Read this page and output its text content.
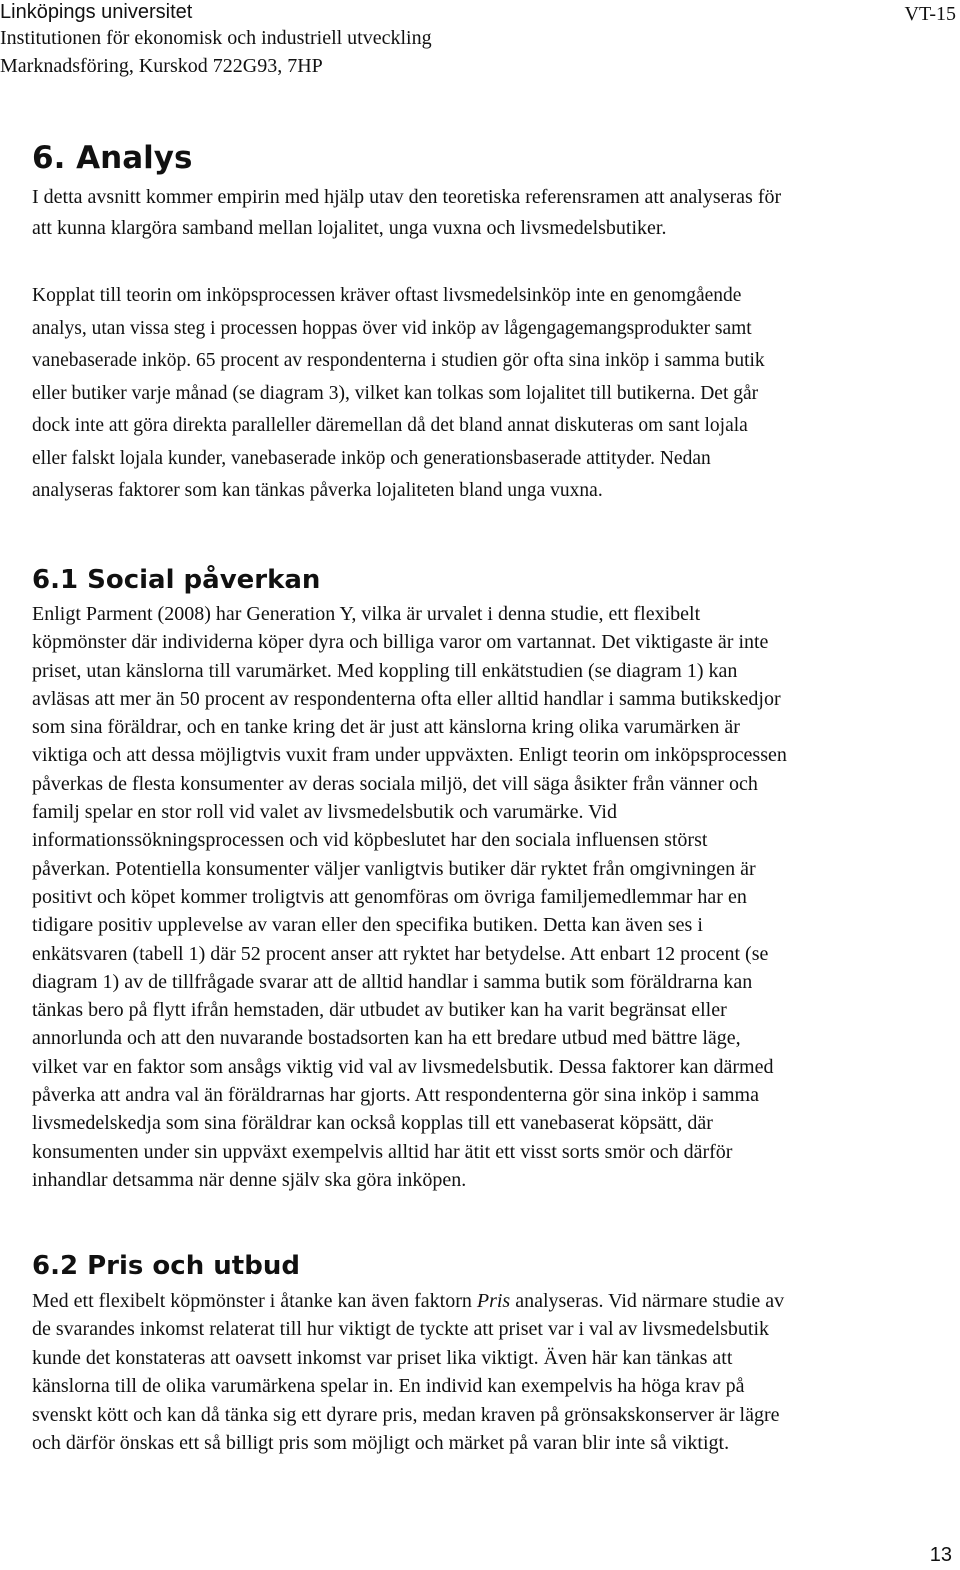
Linköpings universitet
Institutionen för ekonomisk och industriell utveckling
Marknadsföring, Kurskod 722G93, 7HP
VT-15
6. Analys
I detta avsnitt kommer empirin med hjälp utav den teoretiska referensramen att analyseras för
att kunna klargöra samband mellan lojalitet, unga vuxna och livsmedelsbutiker.
Kopplat till teorin om inköpsprocessen kräver oftast livsmedelsinköp inte en genomgående
analys, utan vissa steg i processen hoppas över vid inköp av lågengagemangsprodukter samt
vanebaserade inköp. 65 procent av respondenterna i studien gör ofta sina inköp i samma butik
eller butiker varje månad (se diagram 3), vilket kan tolkas som lojalitet till butikerna. Det går
dock inte att göra direkta paralleller däremellan då det bland annat diskuteras om sant lojala
eller falskt lojala kunder, vanebaserade inköp och generationsbaserade attityder. Nedan
analyseras faktorer som kan tänkas påverka lojaliteten bland unga vuxna.
6.1 Social påverkan
Enligt Parment (2008) har Generation Y, vilka är urvalet i denna studie, ett flexibelt
köpmönster där individerna köper dyra och billiga varor om vartannat. Det viktigaste är inte
priset, utan känslorna till varumärket. Med koppling till enkätstudien (se diagram 1) kan
avläsas att mer än 50 procent av respondenterna ofta eller alltid handlar i samma butikskedjor
som sina föräldrar, och en tanke kring det är just att känslorna kring olika varumärken är
viktiga och att dessa möjligtvis vuxit fram under uppväxten. Enligt teorin om inköpsprocessen
påverkas de flesta konsumenter av deras sociala miljö, det vill säga åsikter från vänner och
familj spelar en stor roll vid valet av livsmedelsbutik och varumärke. Vid
informationssökningsprocessen och vid köpbeslutet har den sociala influensen störst
påverkan. Potentiella konsumenter väljer vanligtvis butiker där ryktet från omgivningen är
positivt och köpet kommer troligtvis att genomföras om övriga familjemedlemmar har en
tidigare positiv upplevelse av varan eller den specifika butiken. Detta kan även ses i
enkätsvaren (tabell 1) där 52 procent anser att ryktet har betydelse. Att enbart 12 procent (se
diagram 1) av de tillfrågade svarar att de alltid handlar i samma butik som föräldrarna kan
tänkas bero på flytt ifrån hemstaden, där utbudet av butiker kan ha varit begränsat eller
annorlunda och att den nuvarande bostadsorten kan ha ett bredare utbud med bättre läge,
vilket var en faktor som ansågs viktig vid val av livsmedelsbutik. Dessa faktorer kan därmed
påverka att andra val än föräldrarnas har gjorts. Att respondenterna gör sina inköp i samma
livsmedelskedja som sina föräldrar kan också kopplas till ett vanebaserat köpsätt, där
konsumenten under sin uppväxt exempelvis alltid har ätit ett visst sorts smör och därför
inhandlar detsamma när denne själv ska göra inköpen.
6.2 Pris och utbud
Med ett flexibelt köpmönster i åtanke kan även faktorn Pris analyseras. Vid närmare studie av
de svarandes inkomst relaterat till hur viktigt de tyckte att priset var i val av livsmedelsbutik
kunde det konstateras att oavsett inkomst var priset lika viktigt. Även här kan tänkas att
känslorna till de olika varumärkena spelar in. En individ kan exempelvis ha höga krav på
svenskt kött och kan då tänka sig ett dyrare pris, medan kraven på grönsakskonserver är lägre
och därför önskas ett så billigt pris som möjligt och märket på varan blir inte så viktigt.
13
